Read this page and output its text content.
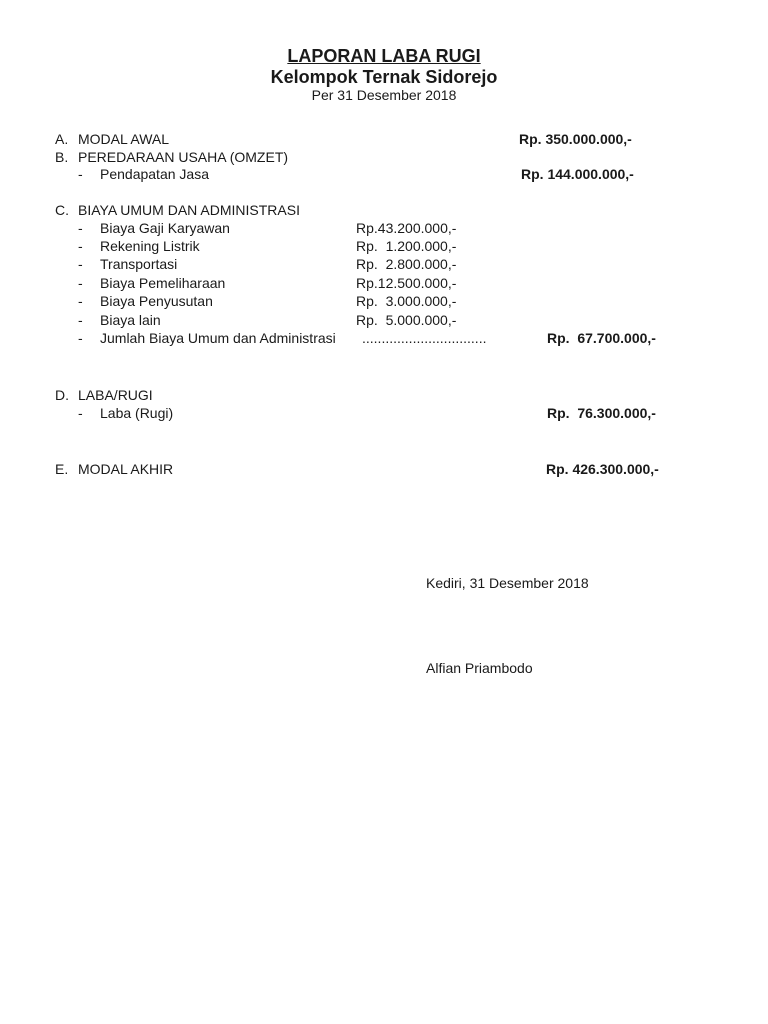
LAPORAN LABA RUGI
Kelompok Ternak Sidorejo
Per 31 Desember 2018
A. MODAL AWAL	Rp. 350.000.000,-
B. PEREDARAAN USAHA (OMZET)
- Pendapatan Jasa	Rp. 144.000.000,-
C. BIAYA UMUM DAN ADMINISTRASI
- Biaya Gaji Karyawan	Rp.43.200.000,-
- Rekening Listrik	Rp.  1.200.000,-
- Transportasi	Rp.  2.800.000,-
- Biaya Pemeliharaan	Rp.12.500.000,-
- Biaya Penyusutan	Rp.  3.000.000,-
- Biaya lain	Rp.  5.000.000,-
- Jumlah Biaya Umum dan Administrasi ................................	Rp.  67.700.000,-
D. LABA/RUGI
- Laba (Rugi)	Rp.  76.300.000,-
E. MODAL AKHIR	Rp. 426.300.000,-
Kediri, 31 Desember 2018
Alfian Priambodo
